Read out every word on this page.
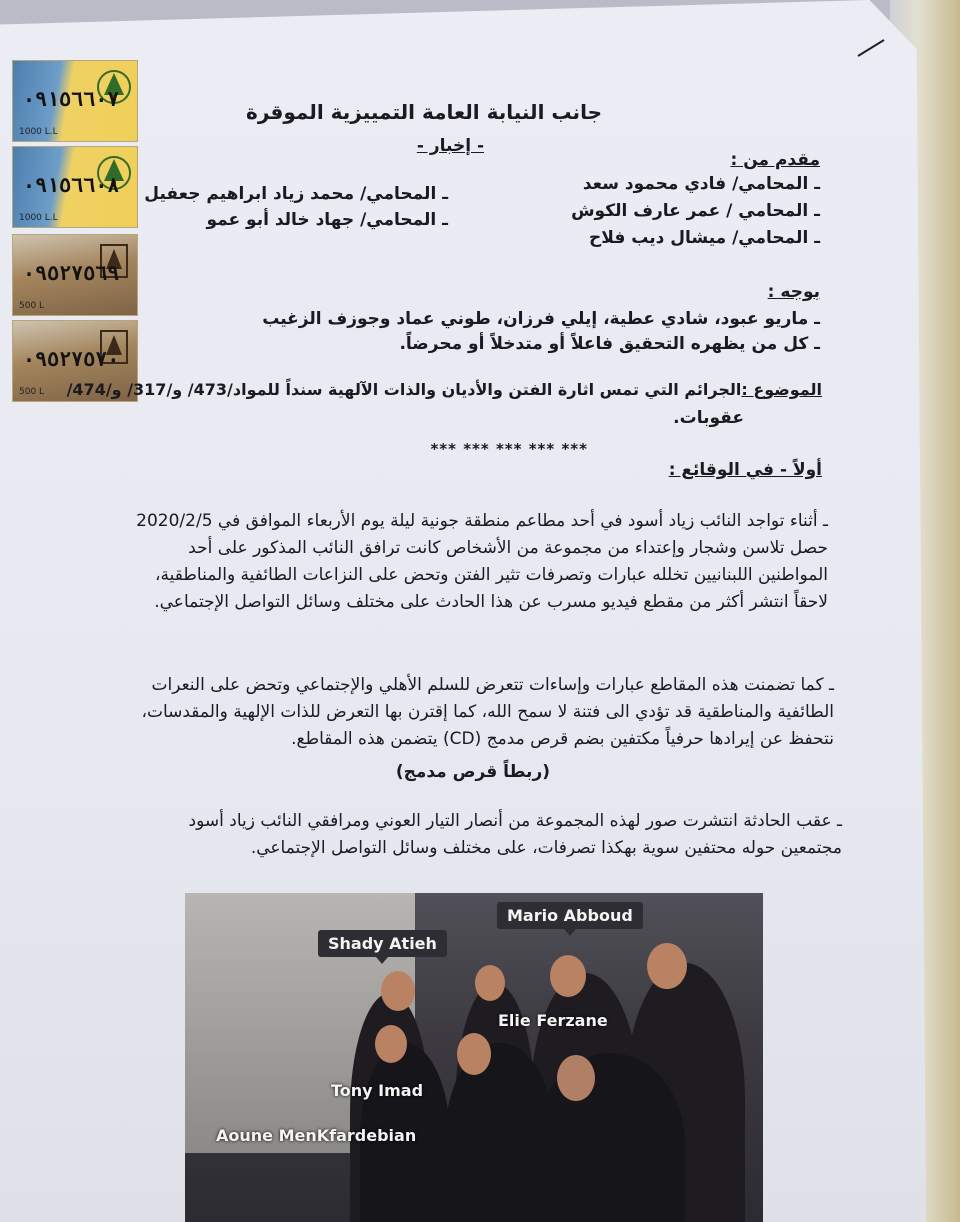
٠٩١٥٦٦٠٧
1000 L.L
٠٩١٥٦٦٠٨
1000 L.L
٠٩٥٢٧٥٦٩
500 L
٠٩٥٢٧٥٧٠
500 L
جانب النيابة العامة التمييزية الموقرة
- إخبار -
مقدم من :
ـ المحامي/ فادي محمود سعد
ـ المحامي / عمر عارف الكوش
ـ المحامي/ ميشال ديب فلاح
ـ المحامي/ محمد زياد ابراهيم جعفيل
ـ المحامي/ جهاد خالد أبو عمو
بوجه :
ـ ماريو عبود، شادي عطية، إيلي فرزان، طوني عماد وجوزف الزغيب
ـ كل من يظهره التحقيق فاعلاً أو متدخلاً أو محرضاً.
الموضوع :الجرائم التي تمس اثارة الفتن والأديان والذات الآلهية سنداً للمواد/473/ و/317/ و/474/
عقوبات.
*** *** *** *** ***
أولاً - في الوقائع :
ـ أثناء تواجد النائب زياد أسود في أحد مطاعم منطقة جونية ليلة يوم الأربعاء الموافق في 2020/2/5
حصل تلاسن وشجار وإعتداء من مجموعة من الأشخاص كانت ترافق النائب المذكور على أحد
المواطنين اللبنانيين تخلله عبارات وتصرفات تثير الفتن وتحض على النزاعات الطائفية والمناطقية،
لاحقاً انتشر أكثر من مقطع فيديو مسرب عن هذا الحادث على مختلف وسائل التواصل الإجتماعي.
ـ كما تضمنت هذه المقاطع عبارات وإساءات تتعرض للسلم الأهلي والإجتماعي وتحض على النعرات
الطائفية والمناطقية قد تؤدي الى فتنة لا سمح الله، كما إقترن بها التعرض للذات الإلهية والمقدسات،
نتحفظ عن إيرادها حرفياً مكتفين بضم قرص مدمج (CD) يتضمن هذه المقاطع.
(ربطاً قرص مدمج)
ـ عقب الحادثة انتشرت صور لهذه المجموعة من أنصار التيار العوني ومرافقي النائب زياد أسود
مجتمعين حوله محتفين سوية بهكذا تصرفات، على مختلف وسائل التواصل الإجتماعي.
Mario Abboud
Shady Atieh
Elie Ferzane
Tony Imad
Aoune MenKfardebian
